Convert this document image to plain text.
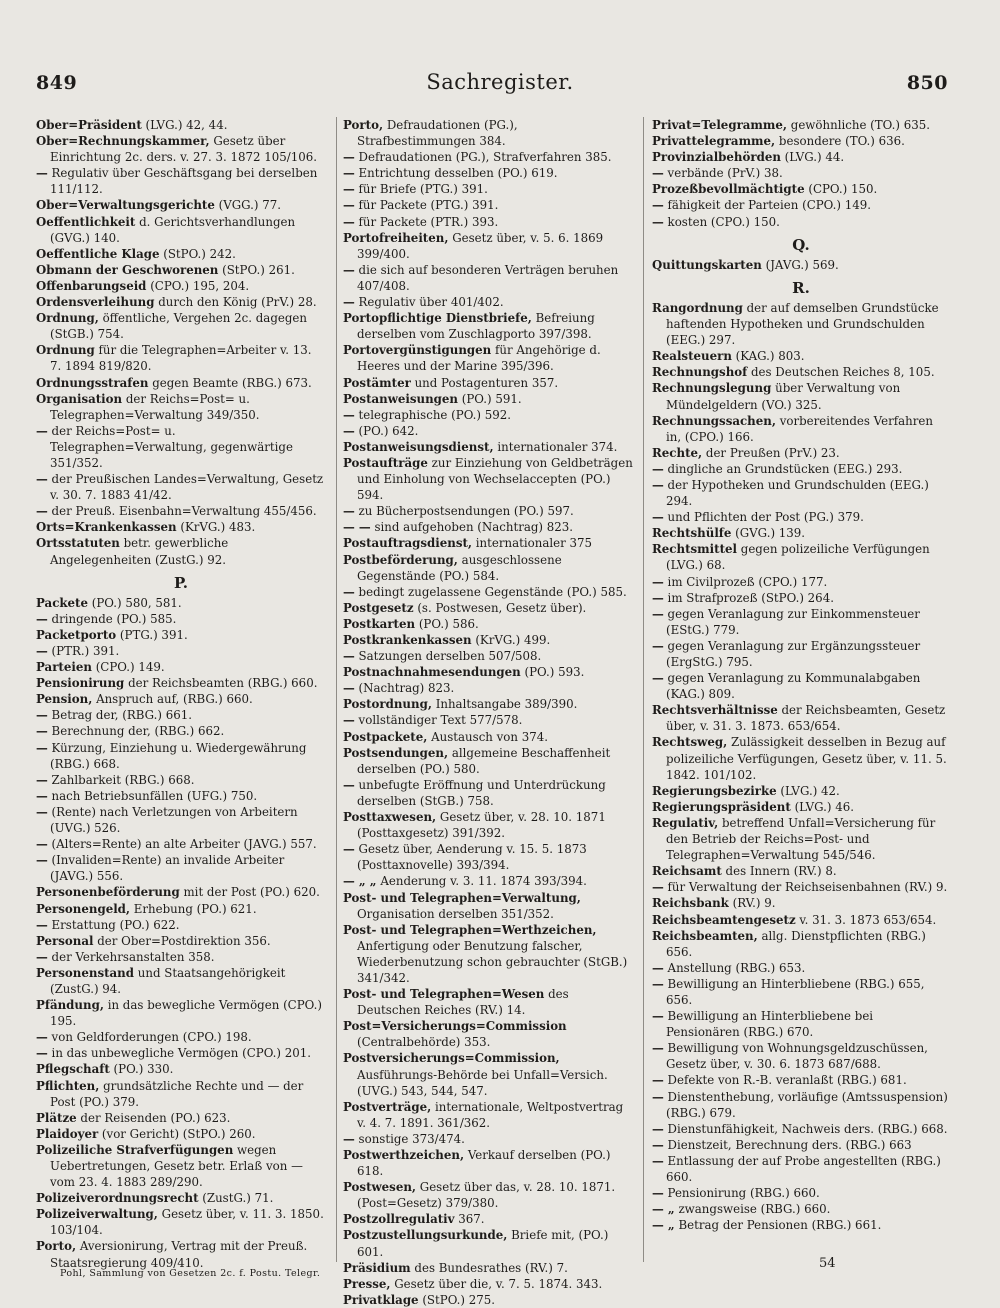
849	Sachregister.	850

Ober=Präsident (LVG.) 42, 44.

Ober=Rechnungskammer, Gesetz über Einrichtung 2c. ders. v. 27. 3. 1872 105/106.

— Regulativ über Geschäftsgang bei derselben 111/112.

Ober=Verwaltungsgerichte (VGG.) 77.

Oeffentlichkeit d. Gerichtsverhandlungen (GVG.) 140.

Oeffentliche Klage (StPO.) 242.

Obmann der Geschworenen (StPO.) 261.

Offenbarungseid (CPO.) 195, 204.

Ordensverleihung durch den König (PrV.) 28.

Ordnung, öffentliche, Vergehen 2c. dagegen (StGB.) 754.

Ordnung für die Telegraphen=Arbeiter v. 13. 7. 1894 819/820.

Ordnungsstrafen gegen Beamte (RBG.) 673.

Organisation der Reichs=Post= u. Telegraphen=Verwaltung 349/350.

— der Reichs=Post= u. Telegraphen=Verwaltung, gegenwärtige 351/352.

— der Preußischen Landes=Verwaltung, Gesetz v. 30. 7. 1883 41/42.

— der Preuß. Eisenbahn=Verwaltung 455/456.

Orts=Krankenkassen (KrVG.) 483.

Ortsstatuten betr. gewerbliche Angelegenheiten (ZustG.) 92.

P.

Packete (PO.) 580, 581.

— dringende (PO.) 585.

Packetporto (PTG.) 391.

— (PTR.) 391.

Parteien (CPO.) 149.

Pensionirung der Reichsbeamten (RBG.) 660.

Pension, Anspruch auf, (RBG.) 660.

— Betrag der, (RBG.) 661.

— Berechnung der, (RBG.) 662.

— Kürzung, Einziehung u. Wiedergewährung (RBG.) 668.

— Zahlbarkeit (RBG.) 668.

— nach Betriebsunfällen (UFG.) 750.

— (Rente) nach Verletzungen von Arbeitern (UVG.) 526.

— (Alters=Rente) an alte Arbeiter (JAVG.) 557.

— (Invaliden=Rente) an invalide Arbeiter (JAVG.) 556.

Personenbeförderung mit der Post (PO.) 620.

Personengeld, Erhebung (PO.) 621.

— Erstattung (PO.) 622.

Personal der Ober=Postdirektion 356.

— der Verkehrsanstalten 358.

Personenstand und Staatsangehörigkeit (ZustG.) 94.

Pfändung, in das bewegliche Vermögen (CPO.) 195.

— von Geldforderungen (CPO.) 198.

— in das unbewegliche Vermögen (CPO.) 201.

Pflegschaft (PO.) 330.

Pflichten, grundsätzliche Rechte und — der Post (PO.) 379.

Plätze der Reisenden (PO.) 623.

Plaidoyer (vor Gericht) (StPO.) 260.

Polizeiliche Strafverfügungen wegen Uebertretungen, Gesetz betr. Erlaß von — vom 23. 4. 1883 289/290.

Polizeiverordnungsrecht (ZustG.) 71.

Polizeiverwaltung, Gesetz über, v. 11. 3. 1850. 103/104.

Porto, Aversionirung, Vertrag mit der Preuß. Staatsregierung 409/410.

Porto, Defraudationen (PG.), Strafbestimmungen 384.

— Defraudationen (PG.), Strafverfahren 385.

— Entrichtung desselben (PO.) 619.

— für Briefe (PTG.) 391.

— für Packete (PTG.) 391.

— für Packete (PTR.) 393.

Portofreiheiten, Gesetz über, v. 5. 6. 1869 399/400.

— die sich auf besonderen Verträgen beruhen 407/408.

— Regulativ über 401/402.

Portopflichtige Dienstbriefe, Befreiung derselben vom Zuschlagporto 397/398.

Portovergünstigungen für Angehörige d. Heeres und der Marine 395/396.

Postämter und Postagenturen 357.

Postanweisungen (PO.) 591.

— telegraphische (PO.) 592.

— (PO.) 642.

Postanweisungsdienst, internationaler 374.

Postaufträge zur Einziehung von Geldbeträgen und Einholung von Wechselaccepten (PO.) 594.

— zu Bücherpostsendungen (PO.) 597.

— — sind aufgehoben (Nachtrag) 823.

Postauftragsdienst, internationaler 375

Postbeförderung, ausgeschlossene Gegenstände (PO.) 584.

— bedingt zugelassene Gegenstände (PO.) 585.

Postgesetz (s. Postwesen, Gesetz über).

Postkarten (PO.) 586.

Postkrankenkassen (KrVG.) 499.

— Satzungen derselben 507/508.

Postnachnahmesendungen (PO.) 593.

— (Nachtrag) 823.

Postordnung, Inhaltsangabe 389/390.

— vollständiger Text 577/578.

Postpackete, Austausch von 374.

Postsendungen, allgemeine Beschaffenheit derselben (PO.) 580.

— unbefugte Eröffnung und Unterdrückung derselben (StGB.) 758.

Posttaxwesen, Gesetz über, v. 28. 10. 1871 (Posttaxgesetz) 391/392.

— Gesetz über, Aenderung v. 15. 5. 1873 (Posttaxnovelle) 393/394.

— „ „ Aenderung v. 3. 11. 1874 393/394.

Post- und Telegraphen=Verwaltung, Organisation derselben 351/352.

Post- und Telegraphen=Werthzeichen, Anfertigung oder Benutzung falscher, Wiederbenutzung schon gebrauchter (StGB.) 341/342.

Post- und Telegraphen=Wesen des Deutschen Reiches (RV.) 14.

Post=Versicherungs=Commission (Centralbehörde) 353.

Postversicherungs=Commission, Ausführungs-Behörde bei Unfall=Versich. (UVG.) 543, 544, 547.

Postverträge, internationale, Weltpostvertrag v. 4. 7. 1891. 361/362.

— sonstige 373/474.

Postwerthzeichen, Verkauf derselben (PO.) 618.

Postwesen, Gesetz über das, v. 28. 10. 1871. (Post=Gesetz) 379/380.

Postzollregulativ 367.

Postzustellungsurkunde, Briefe mit, (PO.) 601.

Präsidium des Bundesrathes (RV.) 7.

Presse, Gesetz über die, v. 7. 5. 1874. 343.

Privatklage (StPO.) 275.

Privat=Telegramme, gewöhnliche (TO.) 635.

Privattelegramme, besondere (TO.) 636.

Provinzialbehörden (LVG.) 44.

— verbände (PrV.) 38.

Prozeßbevollmächtigte (CPO.) 150.

— fähigkeit der Parteien (CPO.) 149.

— kosten (CPO.) 150.

Q.

Quittungskarten (JAVG.) 569.

R.

Rangordnung der auf demselben Grundstücke haftenden Hypotheken und Grundschulden (EEG.) 297.

Realsteuern (KAG.) 803.

Rechnungshof des Deutschen Reiches 8, 105.

Rechnungslegung über Verwaltung von Mündelgeldern (VO.) 325.

Rechnungssachen, vorbereitendes Verfahren in, (CPO.) 166.

Rechte, der Preußen (PrV.) 23.

— dingliche an Grundstücken (EEG.) 293.

— der Hypotheken und Grundschulden (EEG.) 294.

— und Pflichten der Post (PG.) 379.

Rechtshülfe (GVG.) 139.

Rechtsmittel gegen polizeiliche Verfügungen (LVG.) 68.

— im Civilprozeß (CPO.) 177.

— im Strafprozeß (StPO.) 264.

— gegen Veranlagung zur Einkommensteuer (EStG.) 779.

— gegen Veranlagung zur Ergänzungssteuer (ErgStG.) 795.

— gegen Veranlagung zu Kommunalabgaben (KAG.) 809.

Rechtsverhältnisse der Reichsbeamten, Gesetz über, v. 31. 3. 1873. 653/654.

Rechtsweg, Zulässigkeit desselben in Bezug auf polizeiliche Verfügungen, Gesetz über, v. 11. 5. 1842. 101/102.

Regierungsbezirke (LVG.) 42.

Regierungspräsident (LVG.) 46.

Regulativ, betreffend Unfall=Versicherung für den Betrieb der Reichs=Post- und Telegraphen=Verwaltung 545/546.

Reichsamt des Innern (RV.) 8.

— für Verwaltung der Reichseisenbahnen (RV.) 9.

Reichsbank (RV.) 9.

Reichsbeamtengesetz v. 31. 3. 1873 653/654.

Reichsbeamten, allg. Dienstpflichten (RBG.) 656.

— Anstellung (RBG.) 653.

— Bewilligung an Hinterbliebene (RBG.) 655, 656.

— Bewilligung an Hinterbliebene bei Pensionären (RBG.) 670.

— Bewilligung von Wohnungsgeldzuschüssen, Gesetz über, v. 30. 6. 1873 687/688.

— Defekte von R.-B. veranlaßt (RBG.) 681.

— Dienstenthebung, vorläufige (Amtssuspension) (RBG.) 679.

— Dienstunfähigkeit, Nachweis ders. (RBG.) 668.

— Dienstzeit, Berechnung ders. (RBG.) 663

— Entlassung der auf Probe angestellten (RBG.) 660.

— Pensionirung (RBG.) 660.

— „ zwangsweise (RBG.) 660.

— „ Betrag der Pensionen (RBG.) 661.

Pohl, Sammlung von Gesetzen 2c. f. Postu. Telegr.
54
